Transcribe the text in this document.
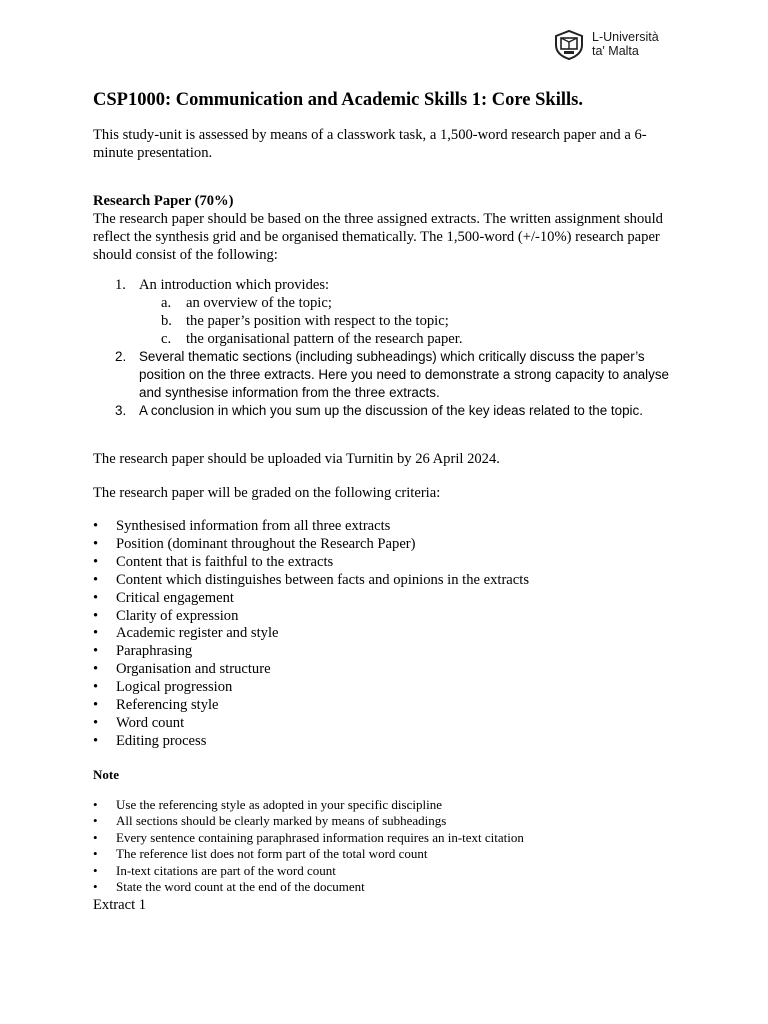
L-Università
ta' Malta
CSP1000: Communication and Academic Skills 1: Core Skills.

This study-unit is assessed by means of a classwork task, a 1,500-word research paper and a 6-minute presentation.

Research Paper (70%)

The research paper should be based on the three assigned extracts. The written assignment should reflect the synthesis grid and be organised thematically. The 1,500-word (+/-10%) research paper should consist of the following:

1. An introduction which provides:
a. an overview of the topic;
b. the paper’s position with respect to the topic;
c. the organisational pattern of the research paper.
2. Several thematic sections (including subheadings) which critically discuss the paper’s position on the three extracts. Here you need to demonstrate a strong capacity to analyse and synthesise information from the three extracts.
3. A conclusion in which you sum up the discussion of the key ideas related to the topic.

The research paper should be uploaded via Turnitin by 26 April 2024.

The research paper will be graded on the following criteria:

• Synthesised information from all three extracts
• Position (dominant throughout the Research Paper)
• Content that is faithful to the extracts
• Content which distinguishes between facts and opinions in the extracts
• Critical engagement
• Clarity of expression
• Academic register and style
• Paraphrasing
• Organisation and structure
• Logical progression
• Referencing style
• Word count
• Editing process

Note

• Use the referencing style as adopted in your specific discipline
• All sections should be clearly marked by means of subheadings
• Every sentence containing paraphrased information requires an in-text citation
• The reference list does not form part of the total word count
• In-text citations are part of the word count
• State the word count at the end of the document

Extract 1
